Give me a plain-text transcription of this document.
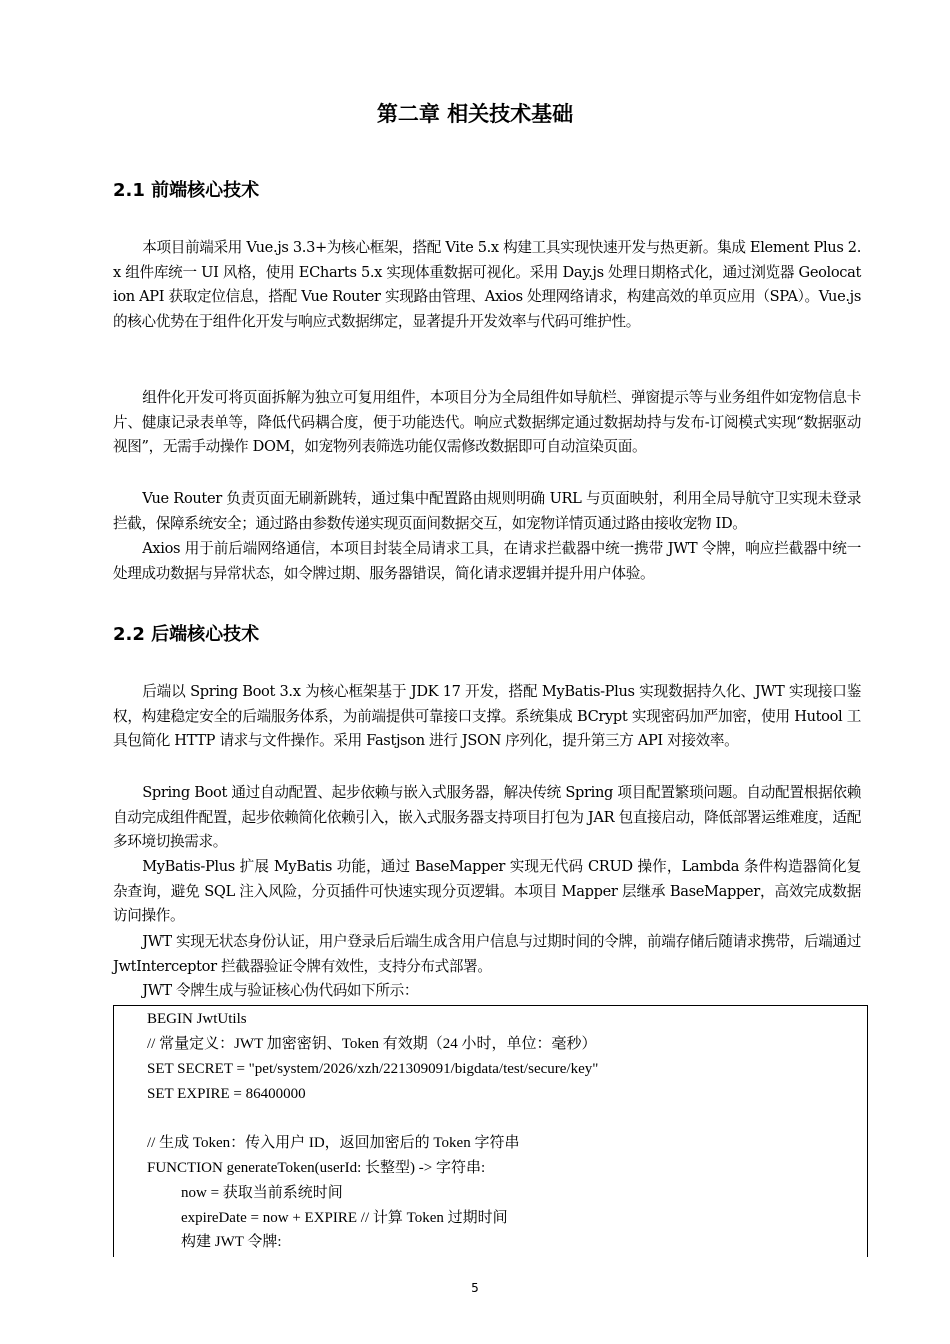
第二章 相关技术基础
2.1 前端核心技术

本项目前端采用 Vue.js 3.3+为核心框架，搭配 Vite 5.x 构建工具实现快速开发与热更新。集成 Element Plus 2.x 组件库统一 UI 风格，使用 ECharts 5.x 实现体重数据可视化。采用 Day.js 处理日期格式化，通过浏览器 Geolocation API 获取定位信息，搭配 Vue Router 实现路由管理、Axios 处理网络请求，构建高效的单页应用（SPA）。Vue.js 的核心优势在于组件化开发与响应式数据绑定，显著提升开发效率与代码可维护性。

组件化开发可将页面拆解为独立可复用组件，本项目分为全局组件如导航栏、弹窗提示等与业务组件如宠物信息卡片、健康记录表单等，降低代码耦合度，便于功能迭代。响应式数据绑定通过数据劫持与发布-订阅模式实现“数据驱动视图”，无需手动操作 DOM，如宠物列表筛选功能仅需修改数据即可自动渲染页面。

Vue Router 负责页面无刷新跳转，通过集中配置路由规则明确 URL 与页面映射，利用全局导航守卫实现未登录拦截，保障系统安全；通过路由参数传递实现页面间数据交互，如宠物详情页通过路由接收宠物 ID。

Axios 用于前后端网络通信，本项目封装全局请求工具，在请求拦截器中统一携带 JWT 令牌，响应拦截器中统一处理成功数据与异常状态，如令牌过期、服务器错误，简化请求逻辑并提升用户体验。

2.2 后端核心技术

后端以 Spring Boot 3.x 为核心框架基于 JDK 17 开发，搭配 MyBatis-Plus 实现数据持久化、JWT 实现接口鉴权，构建稳定安全的后端服务体系，为前端提供可靠接口支撑。系统集成 BCrypt 实现密码加严加密，使用 Hutool 工具包简化 HTTP 请求与文件操作。采用 Fastjson 进行 JSON 序列化，提升第三方 API 对接效率。

Spring Boot 通过自动配置、起步依赖与嵌入式服务器，解决传统 Spring 项目配置繁琐问题。自动配置根据依赖自动完成组件配置，起步依赖简化依赖引入，嵌入式服务器支持项目打包为 JAR 包直接启动，降低部署运维难度，适配多环境切换需求。

MyBatis-Plus 扩展 MyBatis 功能，通过 BaseMapper 实现无代码 CRUD 操作，Lambda 条件构造器简化复杂查询，避免 SQL 注入风险，分页插件可快速实现分页逻辑。本项目 Mapper 层继承 BaseMapper，高效完成数据访问操作。

JWT 实现无状态身份认证，用户登录后后端生成含用户信息与过期时间的令牌，前端存储后随请求携带，后端通过 JwtInterceptor 拦截器验证令牌有效性，支持分布式部署。

JWT 令牌生成与验证核心伪代码如下所示：

BEGIN JwtUtils
// 常量定义：JWT 加密密钥、Token 有效期（24 小时，单位：毫秒）
SET SECRET = "pet/system/2026/xzh/221309091/bigdata/test/secure/key"
SET EXPIRE = 86400000
// 生成 Token：传入用户 ID，返回加密后的 Token 字符串
FUNCTION generateToken(userId: 长整型) -> 字符串:
now = 获取当前系统时间
expireDate = now + EXPIRE // 计算 Token 过期时间
构建 JWT 令牌:
5
